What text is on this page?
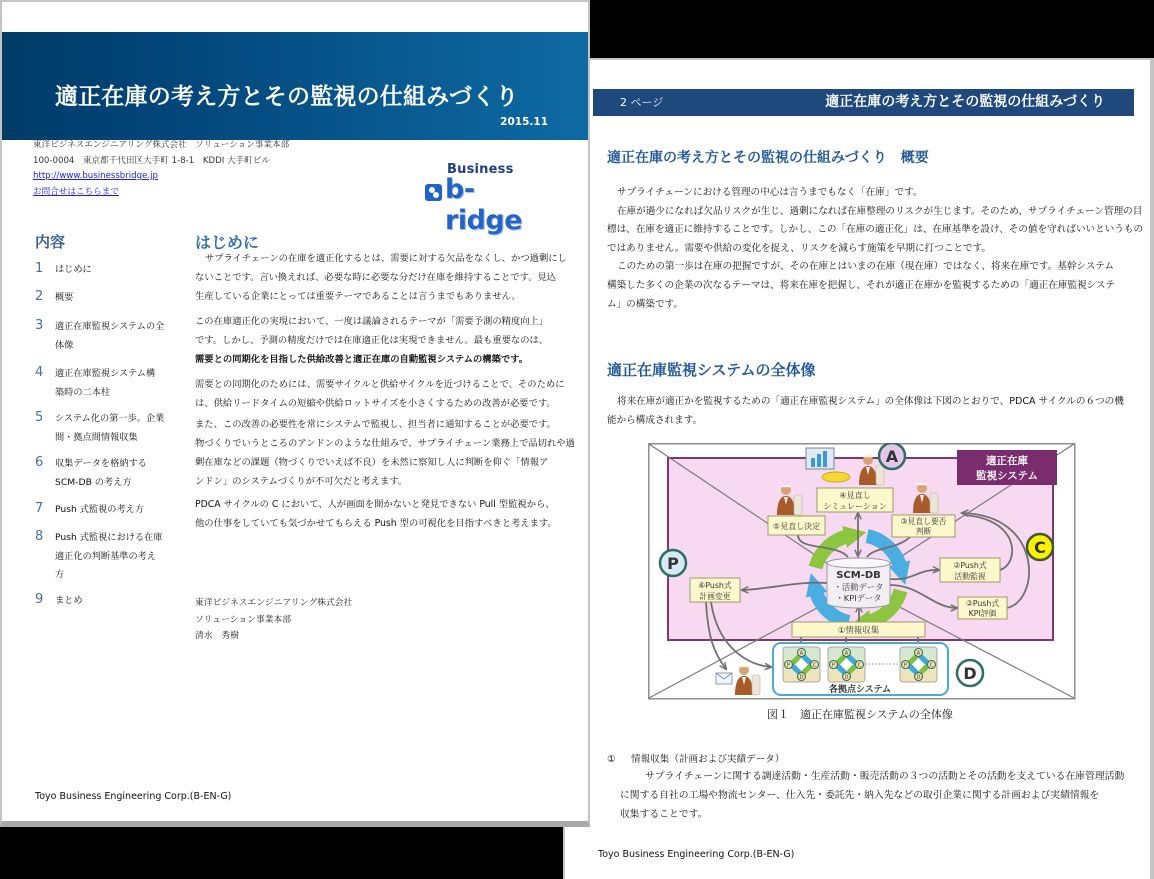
2 ページ	適正在庫の考え方とその監視の仕組みづくり
適正在庫の考え方とその監視の仕組みづくり　概要
サプライチェーンにおける管理の中心は言うまでもなく「在庫」です。
在庫が過少になれば欠品リスクが生じ、過剰になれば在庫整理のリスクが生じます。そのため、サプライチェーン管理の目
標は、在庫を適正に維持することです。しかし、この「在庫の適正化」は、在庫基準を設け、その値を守ればいいというもの
ではありません。需要や供給の変化を捉え、リスクを減らす施策を早期に打つことです。
このための第一歩は在庫の把握ですが、その在庫とはいまの在庫（現在庫）ではなく、将来在庫です。基幹システム
構築した多くの企業の次なるテーマは、将来在庫を把握し、それが適正在庫かを監視するための「適正在庫監視システ
ム」の構築です。
適正在庫監視システムの全体像
将来在庫が適正かを監視するための「適正在庫監視システム」の全体像は下図のとおりで、PDCA サイクルの６つの機
能から構成されます。
SCM-DB
・活動データ
・KPIデータ
④見直し
シミュレーション
⑤見直し決定
③見直し要否
判断
②Push式
活動監視
②Push式
KPI評価
⑥Push式
計画変更
①情報収集
適正在庫
監視システム
A
P	C
D
A
P	C
D
A
P	C
D
各拠点システム
A
P
C
D
図１　適正在庫監視システムの全体像
① 情報収集（計画および実績データ）
サプライチェーンに関する調達活動・生産活動・販売活動の３つの活動とその活動を支えている在庫管理活動
に関する自社の工場や物流センター、仕入先・委託先・納入先などの取引企業に関する計画および実績情報を
収集することです。
Toyo Business Engineering Corp.(B-EN-G)
適正在庫の考え方とその監視の仕組みづくり
2015.11
東洋ビジネスエンジニアリング株式会社　ソリューション事業本部
100-0004　東京都千代田区大手町 1-8-1　KDDI 大手町ビル
http://www.businessbridge.jp
お問合せはこちらまで
Business
b-ridge
内容
1 はじめに
2 概要
3 適正在庫監視システムの全
体像
4 適正在庫監視システム構
築時の二本柱
5 システム化の第一歩。企業
間・拠点間情報収集
6 収集データを格納する
SCM-DB の考え方
7 Push 式監視の考え方
8 Push 式監視における在庫
適正化の判断基準の考え
方
9 まとめ
はじめに
サプライチェーンの在庫を適正化するとは、需要に対する欠品をなくし、かつ過剰にし
ないことです。言い換えれば、必要な時に必要な分だけ在庫を維持することです。見込
生産している企業にとっては重要テーマであることは言うまでもありません。
この在庫適正化の実現において、一度は議論されるテーマが「需要予測の精度向上」
です。しかし、予測の精度だけでは在庫適正化は実現できません。最も重要なのは、
需要との同期化を目指した供給改善と適正在庫の自動監視システムの構築です。
需要との同期化のためには、需要サイクルと供給サイクルを近づけることで、そのために
は、供給リードタイムの短縮や供給ロットサイズを小さくするための改善が必要です。
また、この改善の必要性を常にシステムで監視し、担当者に通知することが必要です。
物づくりでいうところのアンドンのような仕組みで、サプライチェーン業務上で品切れや過
剰在庫などの課題（物づくりでいえば不良）を未然に察知し人に判断を仰ぐ「情報ア
ンドン」のシステムづくりが不可欠だと考えます。
PDCA サイクルの C において、人が画面を開かないと発見できない Pull 型監視から、
他の仕事をしていても気づかせてもらえる Push 型の可視化を目指すべきと考えます。
東洋ビジネスエンジニアリング株式会社
ソリューション事業本部
清水　秀樹
Toyo Business Engineering Corp.(B-EN-G)
